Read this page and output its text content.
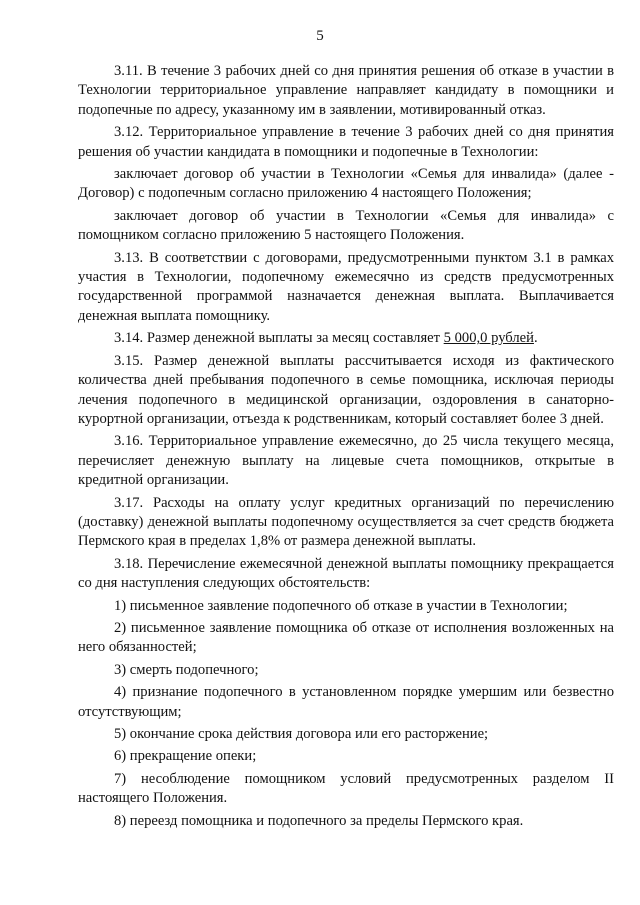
5

3.11. В течение 3 рабочих дней со дня принятия решения об отказе в участии в Технологии территориальное управление направляет кандидату в помощники и подопечные по адресу, указанному им в заявлении, мотивированный отказ.

3.12. Территориальное управление в течение 3 рабочих дней со дня принятия решения об участии кандидата в помощники и подопечные в Технологии:

заключает договор об участии в Технологии «Семья для инвалида» (далее - Договор) с подопечным согласно приложению 4 настоящего Положения;

заключает договор об участии в Технологии «Семья для инвалида» с помощником согласно приложению 5 настоящего Положения.

3.13. В соответствии с договорами, предусмотренными пунктом 3.1 в рамках участия в Технологии, подопечному ежемесячно из средств предусмотренных государственной программой назначается денежная выплата. Выплачивается денежная выплата помощнику.

3.14. Размер денежной выплаты за месяц составляет 5 000,0 рублей.

3.15. Размер денежной выплаты рассчитывается исходя из фактического количества дней пребывания подопечного в семье помощника, исключая периоды лечения подопечного в медицинской организации, оздоровления в санаторно-курортной организации, отъезда к родственникам, который составляет более 3 дней.

3.16. Территориальное управление ежемесячно, до 25 числа текущего месяца, перечисляет денежную выплату на лицевые счета помощников, открытые в кредитной организации.

3.17. Расходы на оплату услуг кредитных организаций по перечислению (доставку) денежной выплаты подопечному осуществляется за счет средств бюджета Пермского края в пределах 1,8% от размера денежной выплаты.

3.18. Перечисление ежемесячной денежной выплаты помощнику прекращается со дня наступления следующих обстоятельств:

1) письменное заявление подопечного об отказе в участии в Технологии;

2) письменное заявление помощника об отказе от исполнения возложенных на него обязанностей;

3) смерть подопечного;

4) признание подопечного в установленном порядке умершим или безвестно отсутствующим;

5) окончание срока действия договора или его расторжение;

6) прекращение опеки;

7) несоблюдение помощником условий предусмотренных разделом II настоящего Положения.

8) переезд помощника и подопечного за пределы Пермского края.
